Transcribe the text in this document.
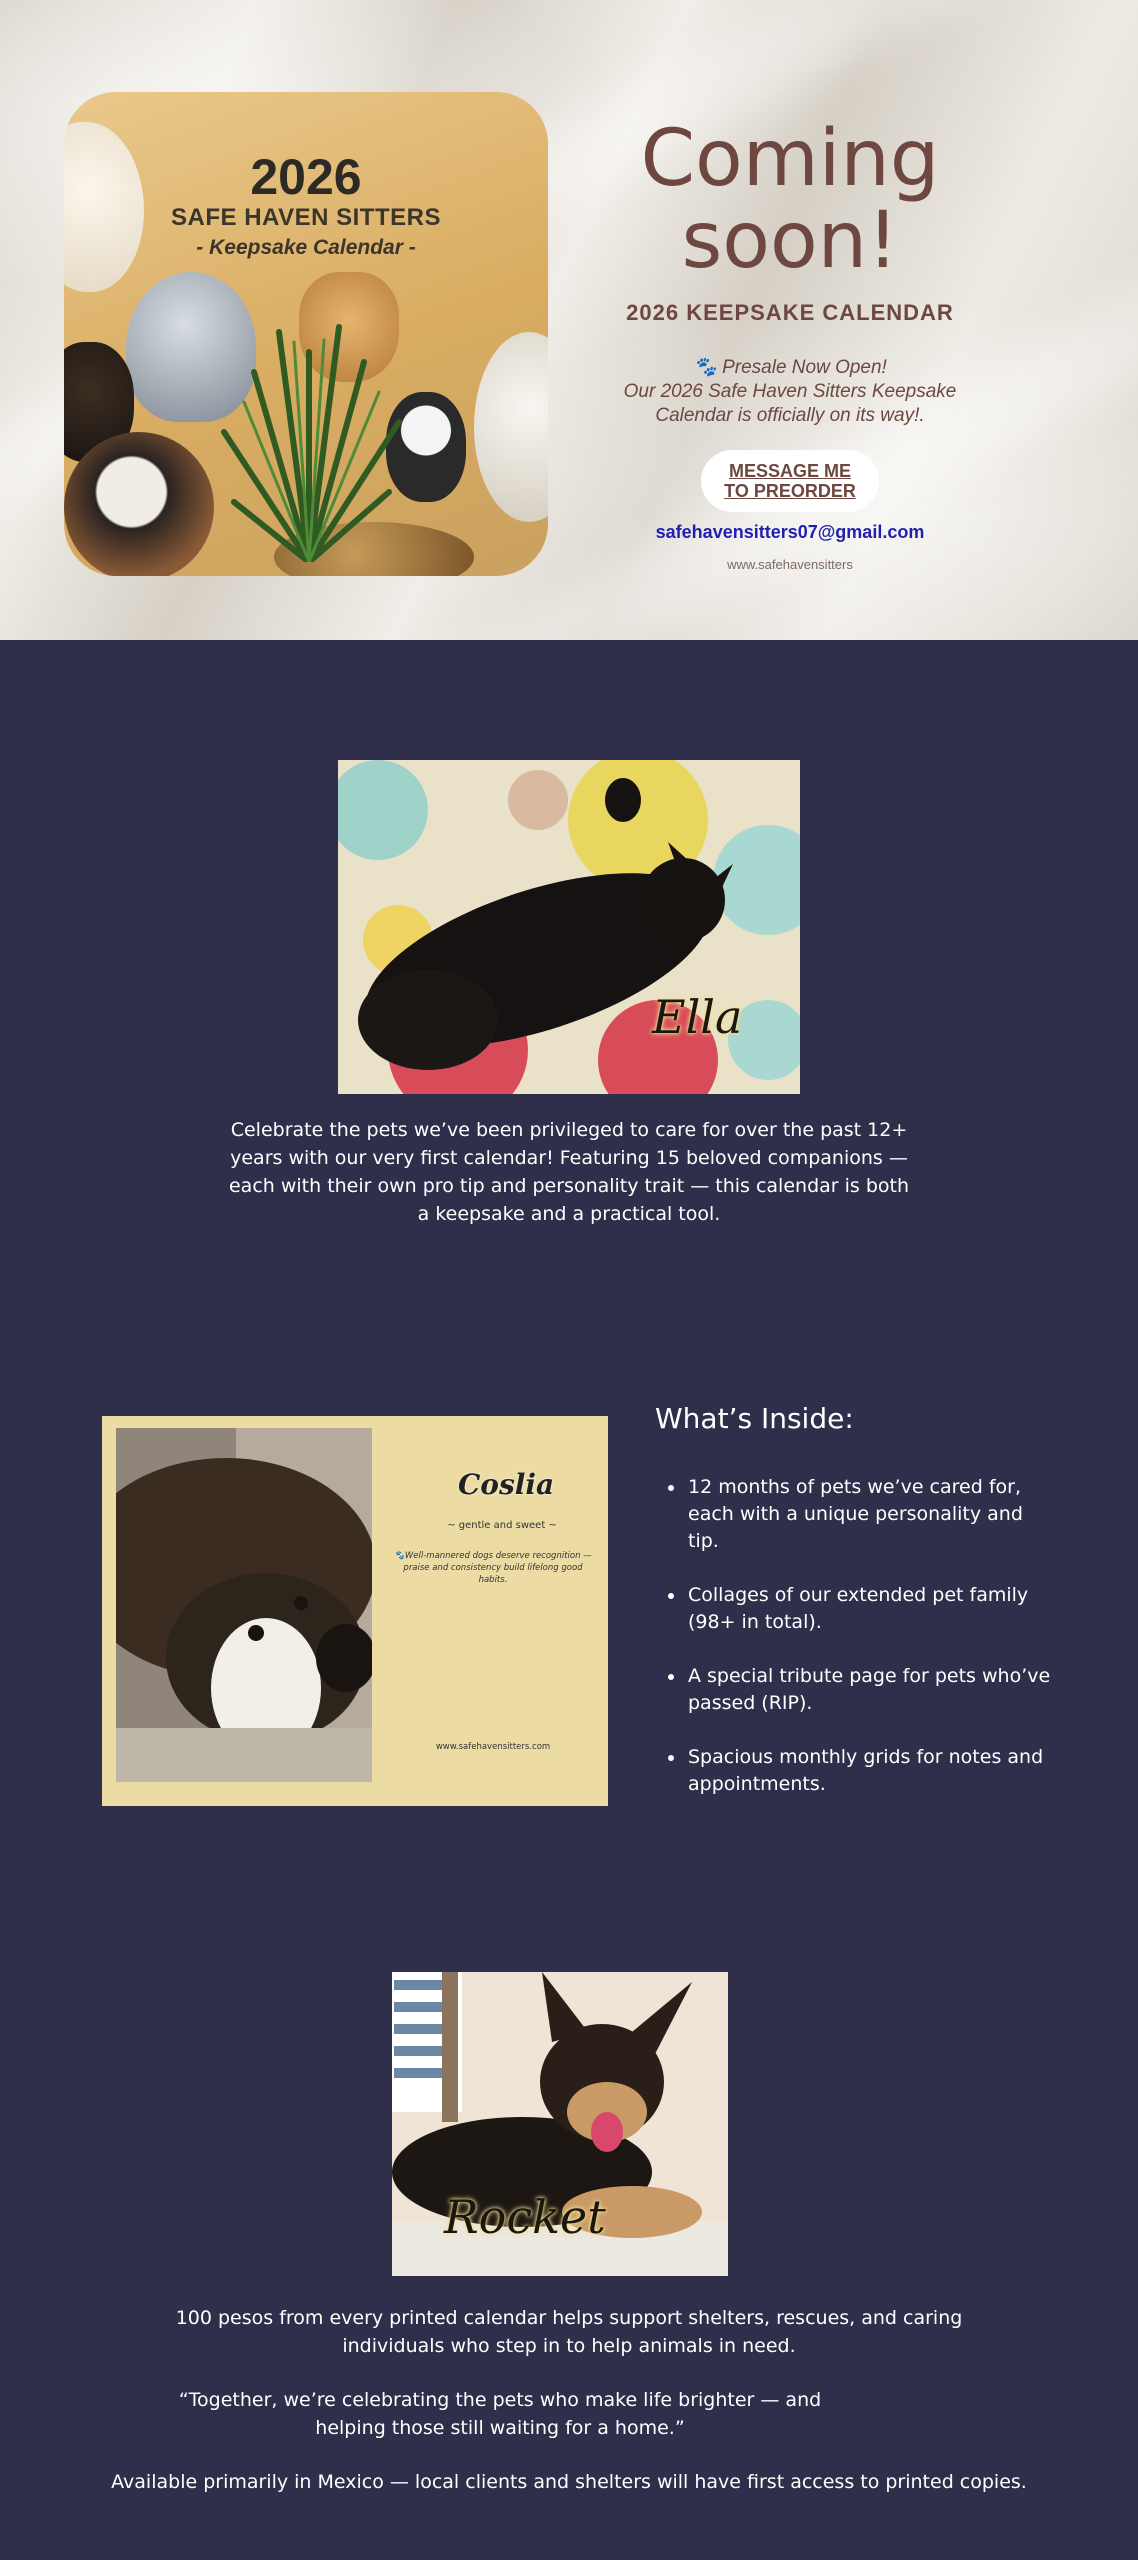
2026
SAFE HAVEN SITTERS
- Keepsake Calendar -
Coming
soon!
2026 KEEPSAKE CALENDAR
🐾 Presale Now Open!
Our 2026 Safe Haven Sitters Keepsake
Calendar is officially on its way!.
MESSAGE ME
TO PREORDER
safehavensitters07@gmail.com
www.safehavensitters
Ella
Celebrate the pets we’ve been privileged to care for over the past 12+
years with our very first calendar! Featuring 15 beloved companions —
each with their own pro tip and personality trait — this calendar is both
a keepsake and a practical tool.
Coslia
~ gentle and sweet ~
🐾Well-mannered dogs deserve recognition — praise and consistency build lifelong good habits.
www.safehavensitters.com
What’s Inside:
12 months of pets we’ve cared for, each with a unique personality and tip.
Collages of our extended pet family (98+ in total).
A special tribute page for pets who’ve passed (RIP).
Spacious monthly grids for notes and appointments.
Rocket
100 pesos from every printed calendar helps support shelters, rescues, and caring
individuals who step in to help animals in need.
“Together, we’re celebrating the pets who make life brighter — and
helping those still waiting for a home.”
Available primarily in Mexico — local clients and shelters will have first access to printed copies.
